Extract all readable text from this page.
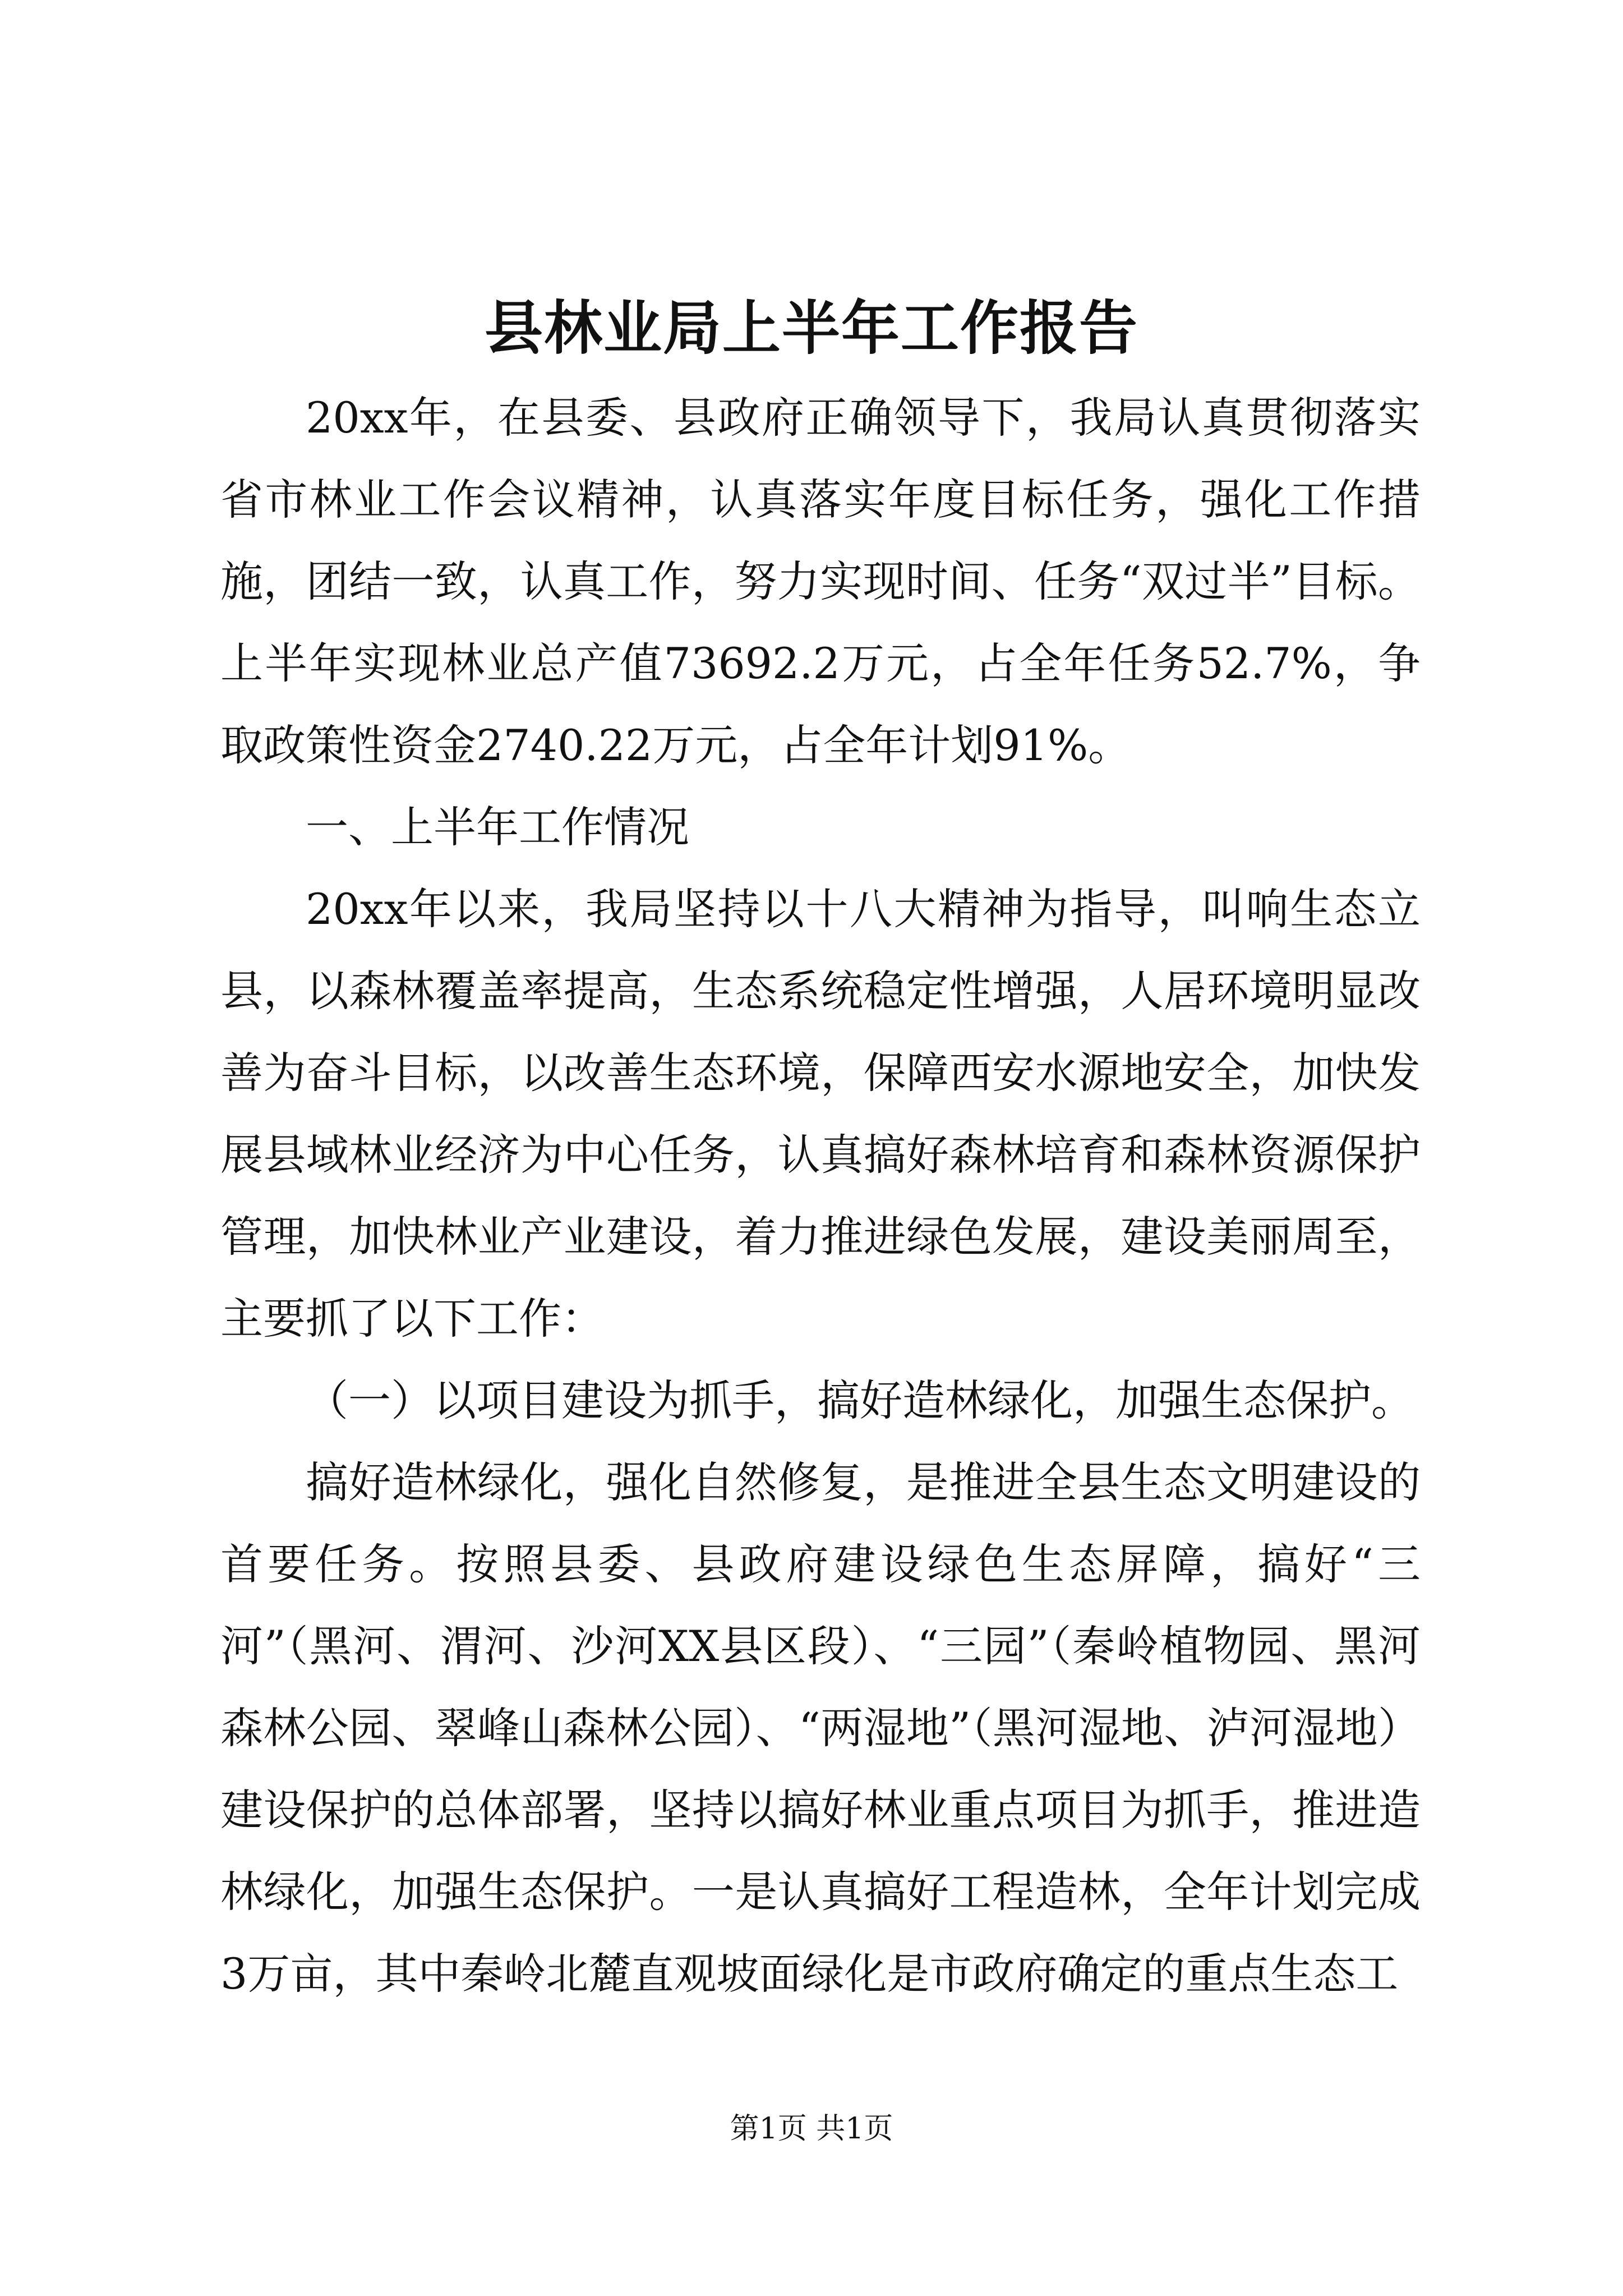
县林业局上半年工作报告

20xx年，在县委、县政府正确领导下，我局认真贯彻落实省市林业工作会议精神，认真落实年度目标任务，强化工作措施，团结一致，认真工作，努力实现时间、任务“双过半”目标。上半年实现林业总产值73692.2万元，占全年任务52.7%，争取政策性资金2740.22万元，占全年计划91%。

一、上半年工作情况

20xx年以来，我局坚持以十八大精神为指导，叫响生态立县，以森林覆盖率提高，生态系统稳定性增强，人居环境明显改善为奋斗目标，以改善生态环境，保障西安水源地安全，加快发展县域林业经济为中心任务，认真搞好森林培育和森林资源保护管理，加快林业产业建设，着力推进绿色发展，建设美丽周至，主要抓了以下工作：

（一）以项目建设为抓手，搞好造林绿化，加强生态保护。

搞好造林绿化，强化自然修复，是推进全县生态文明建设的首要任务。按照县委、县政府建设绿色生态屏障，搞好“三河”（黑河、渭河、沙河XX县区段）、“三园”（秦岭植物园、黑河森林公园、翠峰山森林公园）、“两湿地”（黑河湿地、泸河湿地）建设保护的总体部署，坚持以搞好林业重点项目为抓手，推进造林绿化，加强生态保护。一是认真搞好工程造林，全年计划完成3万亩，其中秦岭北麓直观坡面绿化是市政府确定的重点生态工

第1页 共1页
